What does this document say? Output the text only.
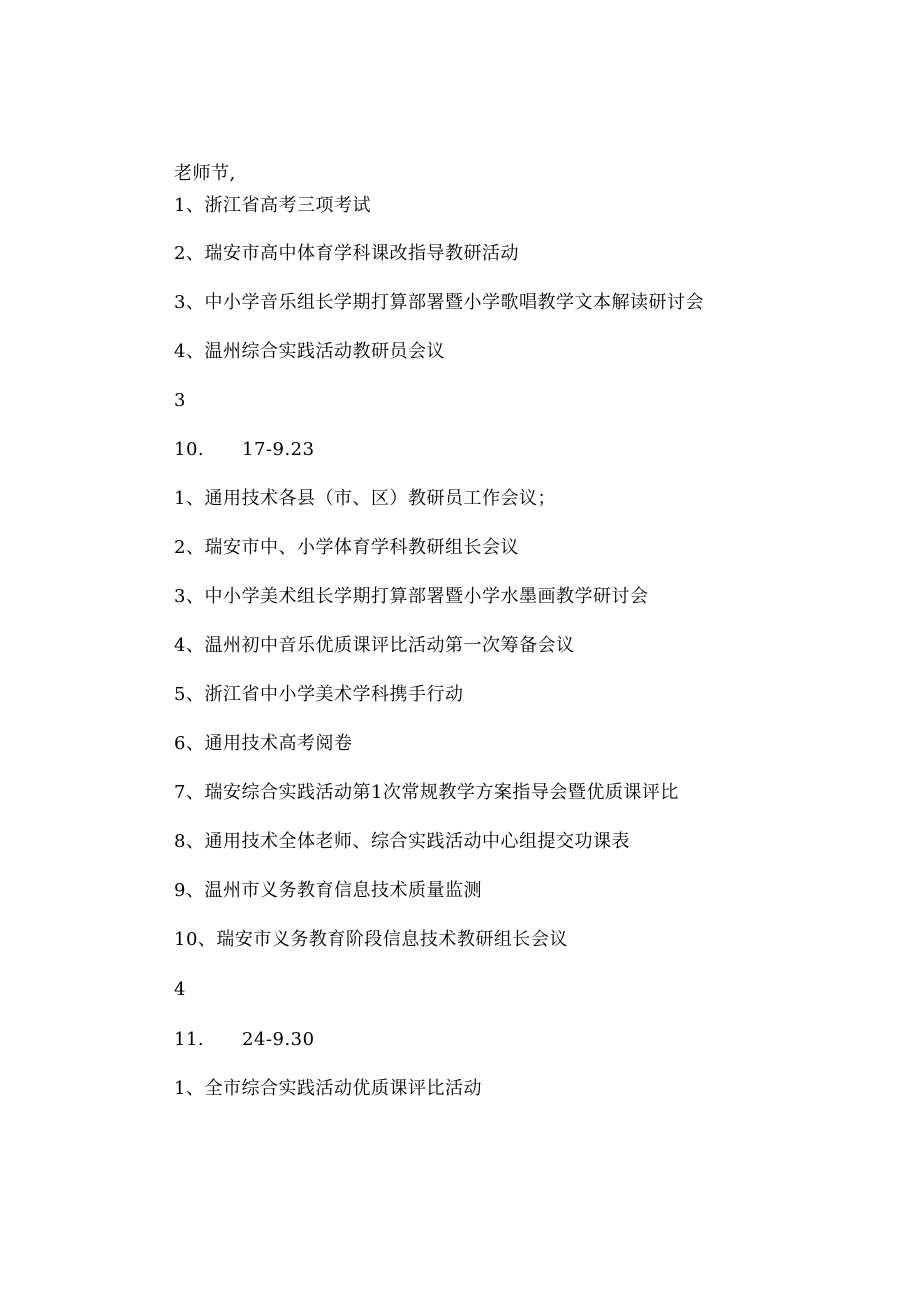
老师节,
1、浙江省高考三项考试
2、瑞安市高中体育学科课改指导教研活动
3、中小学音乐组长学期打算部署暨小学歌唱教学文本解读研讨会
4、温州综合实践活动教研员会议
3
10. 17-9.23
1、通用技术各县（市、区）教研员工作会议；
2、瑞安市中、小学体育学科教研组长会议
3、中小学美术组长学期打算部署暨小学水墨画教学研讨会
4、温州初中音乐优质课评比活动第一次筹备会议
5、浙江省中小学美术学科携手行动
6、通用技术高考阅卷
7、瑞安综合实践活动第1次常规教学方案指导会暨优质课评比
8、通用技术全体老师、综合实践活动中心组提交功课表
9、温州市义务教育信息技术质量监测
10、瑞安市义务教育阶段信息技术教研组长会议
4
11. 24-9.30
1、全市综合实践活动优质课评比活动
